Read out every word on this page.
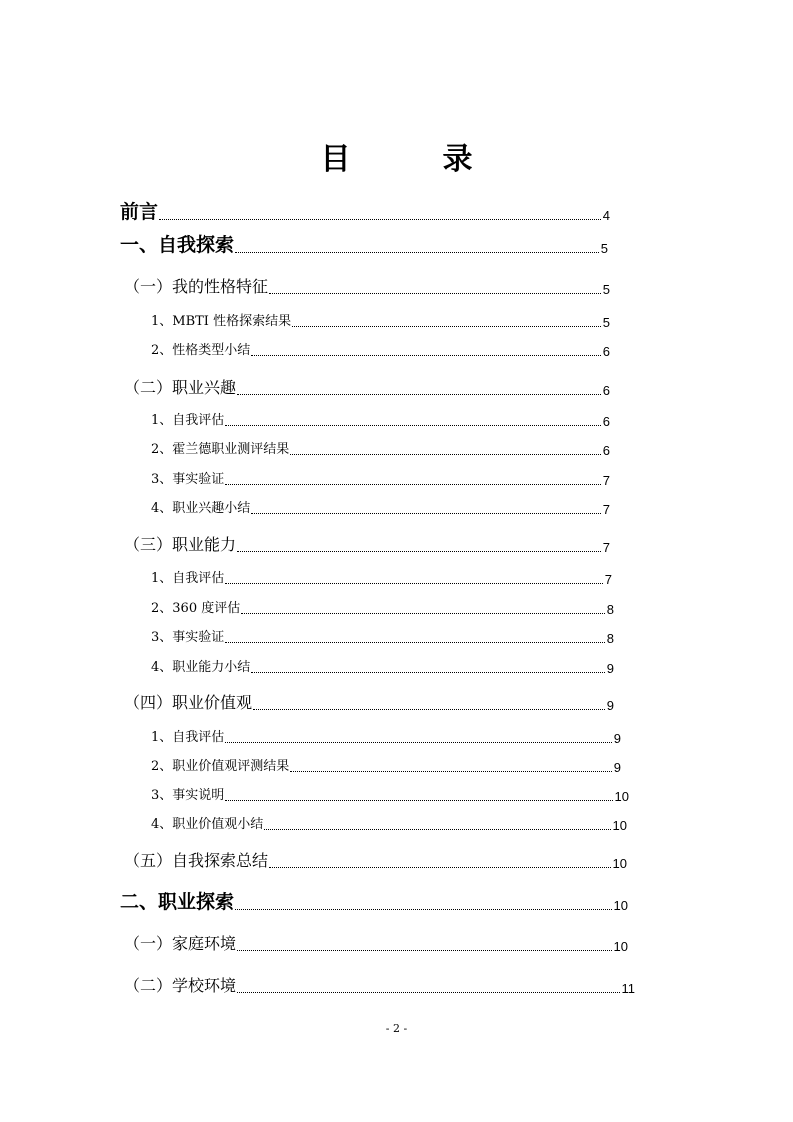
目	录
前言	4
一、自我探索	5
（一）我的性格特征	5
1、MBTI 性格探索结果	5
2、性格类型小结	6
（二）职业兴趣	6
1、自我评估	6
2、霍兰德职业测评结果	6
3、事实验证	7
4、职业兴趣小结	7
（三）职业能力	7
1、自我评估	7
2、360 度评估	8
3、事实验证	8
4、职业能力小结	9
（四）职业价值观	9
1、自我评估	9
2、职业价值观评测结果	9
3、事实说明	10
4、职业价值观小结	10
（五）自我探索总结	10
二、职业探索	10
（一）家庭环境	10
（二）学校环境	11
- 2 -
